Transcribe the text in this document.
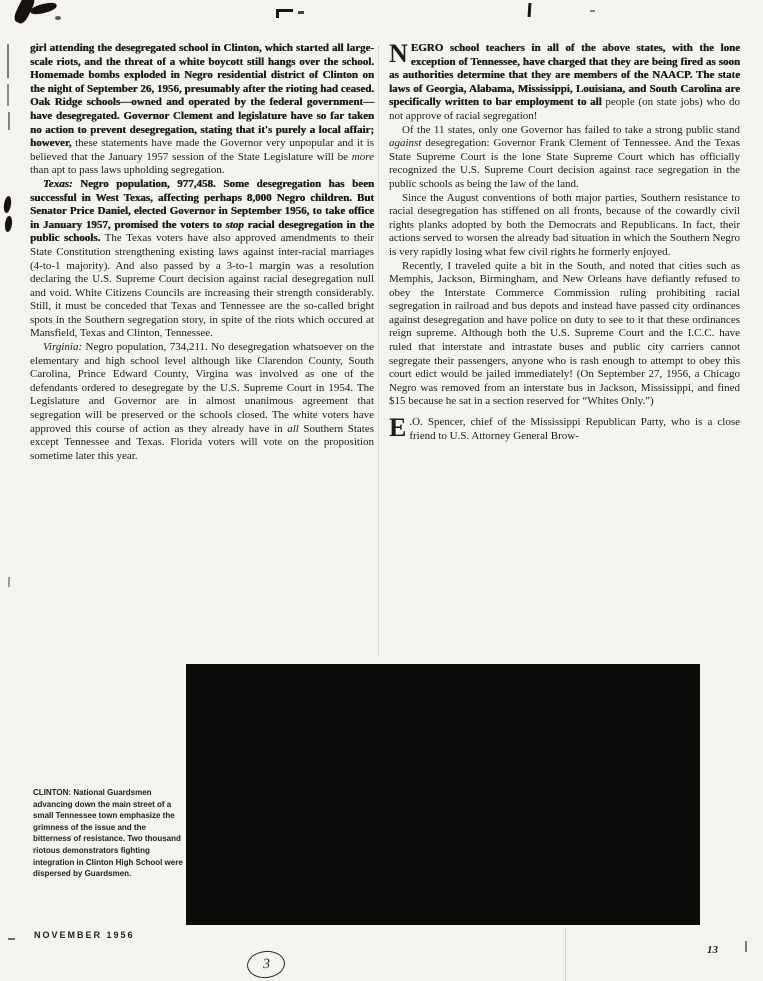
girl attending the desegregated school in Clinton, which started all large-scale riots, and the threat of a white boycott still hangs over the school. Homemade bombs exploded in Negro residential district of Clinton on the night of September 26, 1956, presumably after the rioting had ceased. Oak Ridge schools—owned and operated by the federal government—have desegregated. Governor Clement and legislature have so far taken no action to prevent desegregation, stating that it's purely a local affair; however, these statements have made the Governor very unpopular and it is believed that the January 1957 session of the State Legislature will be more than apt to pass laws upholding segregation.

Texas: Negro population, 977,458. Some desegregation has been successful in West Texas, affecting perhaps 8,000 Negro children. But Senator Price Daniel, elected Governor in September 1956, to take office in January 1957, promised the voters to stop racial desegregation in the public schools. The Texas voters have also approved amendments to their State Constitution strengthening existing laws against inter-racial marriages (4-to-1 majority). And also passed by a 3-to-1 margin was a resolution declaring the U.S. Supreme Court decision against racial desegregation null and void. White Citizens Councils are increasing their strength considerably. Still, it must be conceded that Texas and Tennessee are the so-called bright spots in the Southern segregation story, in spite of the riots which occured at Mansfield, Texas and Clinton, Tennessee.

Virginia: Negro population, 734,211. No desegregation whatsoever on the elementary and high school level although like Clarendon County, South Carolina, Prince Edward County, Virgina was involved as one of the defendants ordered to desegregate by the U.S. Supreme Court in 1954. The Legislature and Governor are in almost unanimous agreement that segregation will be preserved or the schools closed. The white voters have approved this course of action as they already have in all Southern States except Tennessee and Texas. Florida voters will vote on the proposition sometime later this year.

NEGRO school teachers in all of the above states, with the lone exception of Tennessee, have charged that they are being fired as soon as authorities determine that they are members of the NAACP. The state laws of Georgia, Alabama, Mississippi, Louisiana, and South Carolina are specifically written to bar employment to all people (on state jobs) who do not approve of racial segregation!

Of the 11 states, only one Governor has failed to take a strong public stand against desegregation: Governor Frank Clement of Tennessee. And the Texas State Supreme Court is the lone State Supreme Court which has officially recognized the U.S. Supreme Court decision against race segregation in the public schools as being the law of the land.

Since the August conventions of both major parties, Southern resistance to racial desegregation has stiffened on all fronts, because of the cowardly civil rights planks adopted by both the Democrats and Republicans. In fact, their actions served to worsen the already bad situation in which the Southern Negro is very rapidly losing what few civil rights he formerly enjoyed.

Recently, I traveled quite a bit in the South, and noted that cities such as Memphis, Jackson, Birmingham, and New Orleans have defiantly refused to obey the Interstate Commerce Commission ruling prohibiting racial segregation in railroad and bus depots and instead have passed city ordinances against desegregation and have police on duty to see to it that these ordinances reign supreme. Although both the U.S. Supreme Court and the I.C.C. have ruled that interstate and intrastate buses and public city carriers cannot segregate their passengers, anyone who is rash enough to attempt to obey this court edict would be jailed immediately! (On September 27, 1956, a Chicago Negro was removed from an interstate bus in Jackson, Mississippi, and fined $15 because he sat in a section reserved for “Whites Only.”)

E .O. Spencer, chief of the Mississippi Republican Party, who is a close friend to U.S. Attorney General Brow-

CLINTON: National Guardsmen advancing down the main street of a small Tennessee town emphasize the grimness of the issue and the bitterness of resistance. Two thousand riotous demonstrators fighting integration in Clinton High School were dispersed by Guardsmen.
NOVEMBER 1956
13
3
